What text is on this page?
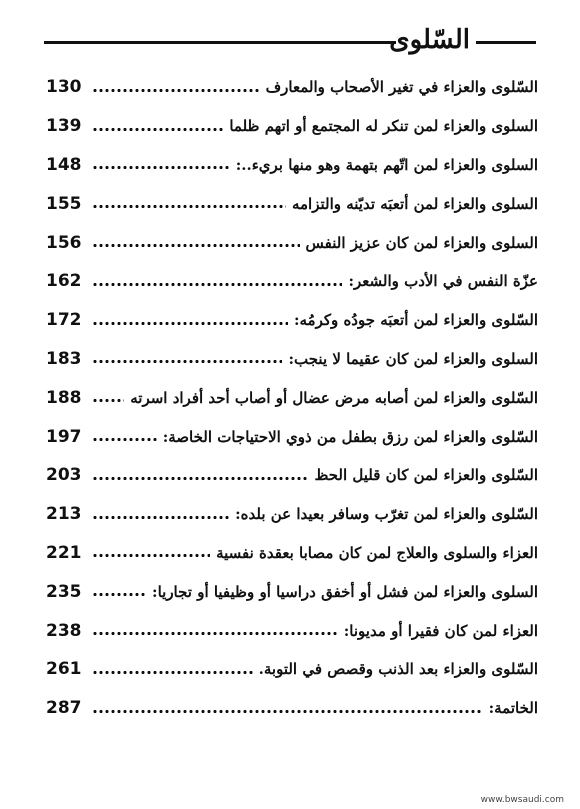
السّلوى
السّلوى والعزاء في تغير الأصحاب والمعارف
130
السلوى والعزاء لمن تنكر له المجتمع أو اتهم ظلما
139
السلوى والعزاء لمن اتّهم بتهمة وهو منها بريء..:
148
السلوى والعزاء لمن أتعبَه تديّنه والتزامه
155
السلوى والعزاء لمن كان عزيز النفس
156
عزّة النفس في الأدب والشعر:
162
السّلوى والعزاء لمن أتعبَه جودُه وكرمُه:
172
السلوى والعزاء لمن كان عقيما لا ينجب:
183
السّلوى والعزاء لمن أصابه مرض عضال أو أصاب أحد أفراد اسرته
188
السّلوى والعزاء لمن رزق بطفل من ذوي الاحتياجات الخاصة:
197
السّلوى والعزاء لمن كان قليل الحظ
203
السّلوى والعزاء لمن تغرّب وسافر بعيدا عن بلده:
213
العزاء والسلوى والعلاج لمن كان مصابا بعقدة نفسية
221
السلوى والعزاء لمن فشل أو أخفق دراسيا أو وظيفيا أو تجاريا:
235
العزاء لمن كان فقيرا أو مديونا:
238
السّلوى والعزاء بعد الذنب وقصص في التوبة.
261
الخاتمة:
287
www.bwsaudi.com
